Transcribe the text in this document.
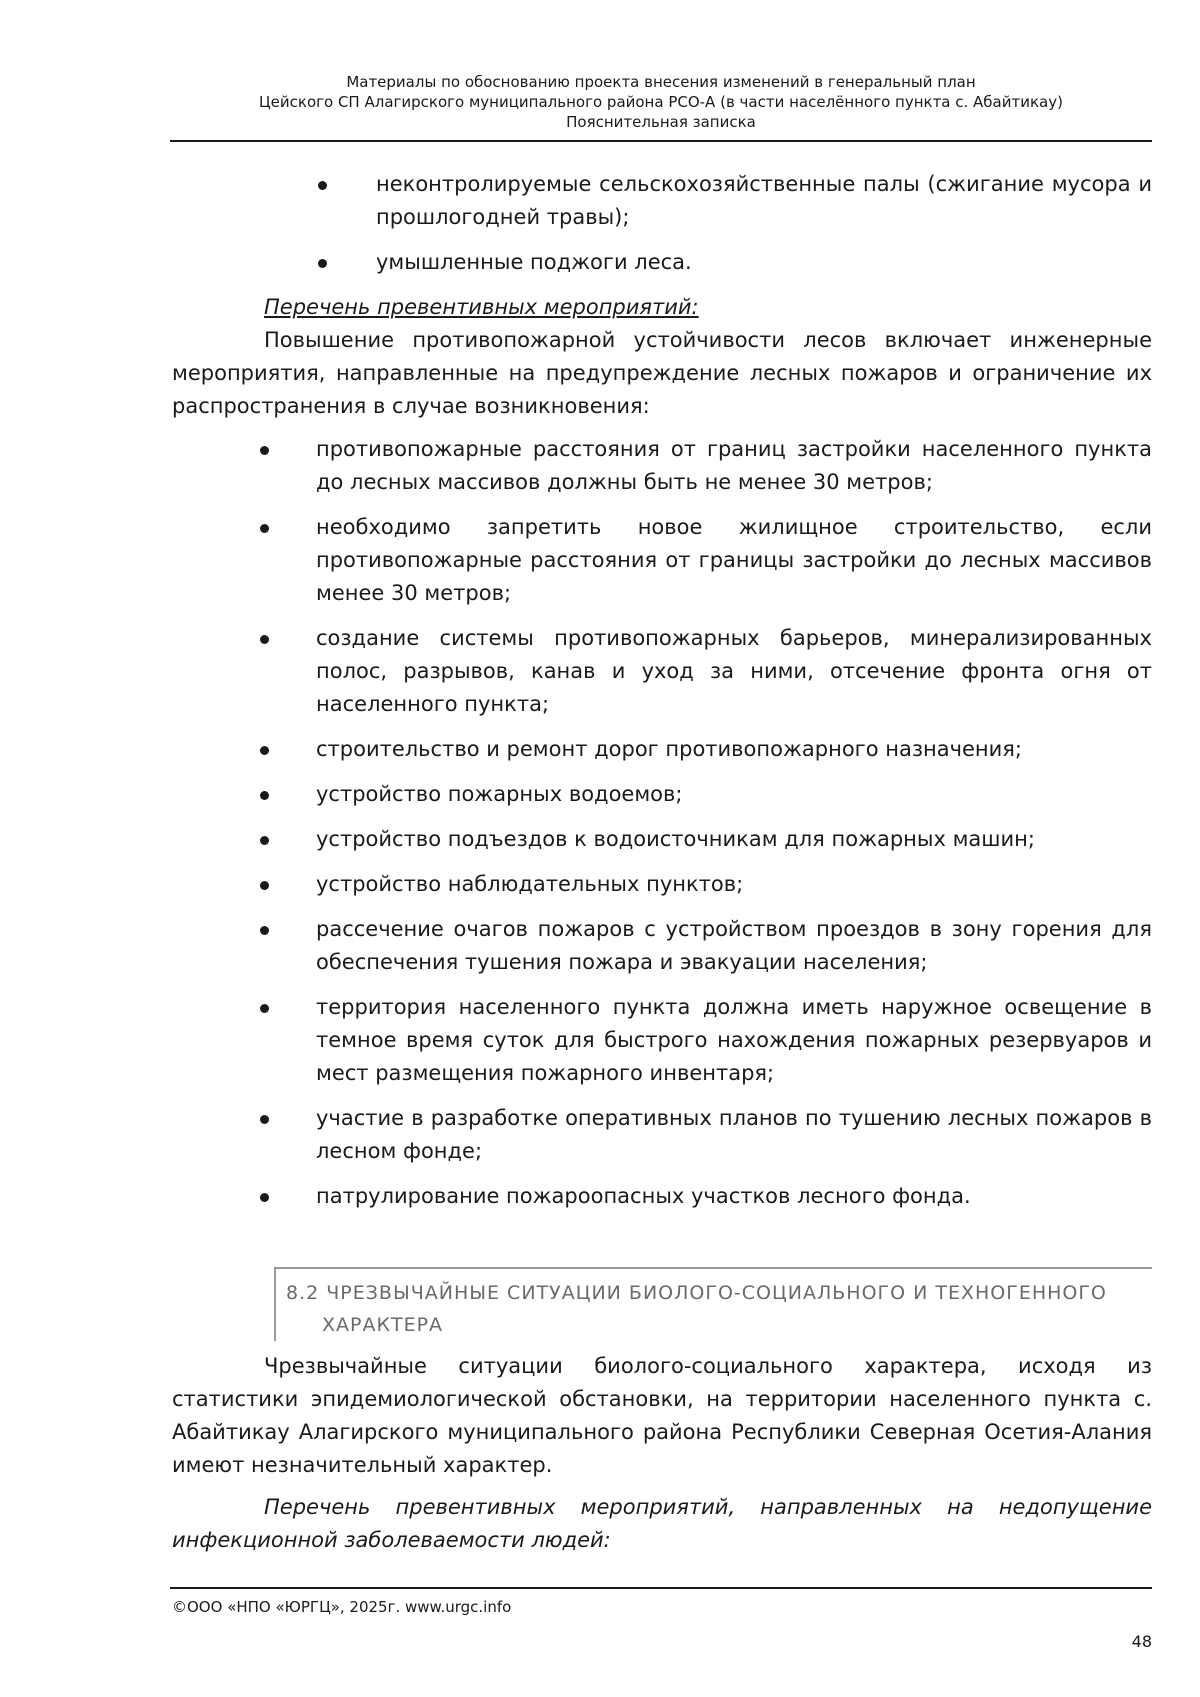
Материалы по обоснованию проекта внесения изменений в генеральный план
Цейского СП Алагирского муниципального района РСО-А (в части населённого пункта с. Абайтикау)
Пояснительная записка
неконтролируемые сельскохозяйственные палы (сжигание мусора и прошлогодней травы);
умышленные поджоги леса.

Перечень превентивных мероприятий:

Повышение противопожарной устойчивости лесов включает инженерные мероприятия, направленные на предупреждение лесных пожаров и ограничение их распространения в случае возникновения:

противопожарные расстояния от границ застройки населенного пункта до лесных массивов должны быть не менее 30 метров;
необходимо запретить новое жилищное строительство, если противопожарные расстояния от границы застройки до лесных массивов менее 30 метров;
создание системы противопожарных барьеров, минерализированных полос, разрывов, канав и уход за ними, отсечение фронта огня от населенного пункта;
строительство и ремонт дорог противопожарного назначения;
устройство пожарных водоемов;
устройство подъездов к водоисточникам для пожарных машин;
устройство наблюдательных пунктов;
рассечение очагов пожаров с устройством проездов в зону горения для обеспечения тушения пожара и эвакуации населения;
территория населенного пункта должна иметь наружное освещение в темное время суток для быстрого нахождения пожарных резервуаров и мест размещения пожарного инвентаря;
участие в разработке оперативных планов по тушению лесных пожаров в лесном фонде;
патрулирование пожароопасных участков лесного фонда.
8.2 ЧРЕЗВЫЧАЙНЫЕ СИТУАЦИИ БИОЛОГО-СОЦИАЛЬНОГО И ТЕХНОГЕННОГО
ХАРАКТЕРА

Чрезвычайные ситуации биолого-социального характера, исходя из статистики эпидемиологической обстановки, на территории населенного пункта с. Абайтикау Алагирского муниципального района Республики Северная Осетия-Алания имеют незначительный характер.

Перечень превентивных мероприятий, направленных на недопущение инфекционной заболеваемости людей:

©ООО «НПО «ЮРГЦ», 2025г. www.urgc.info
48
